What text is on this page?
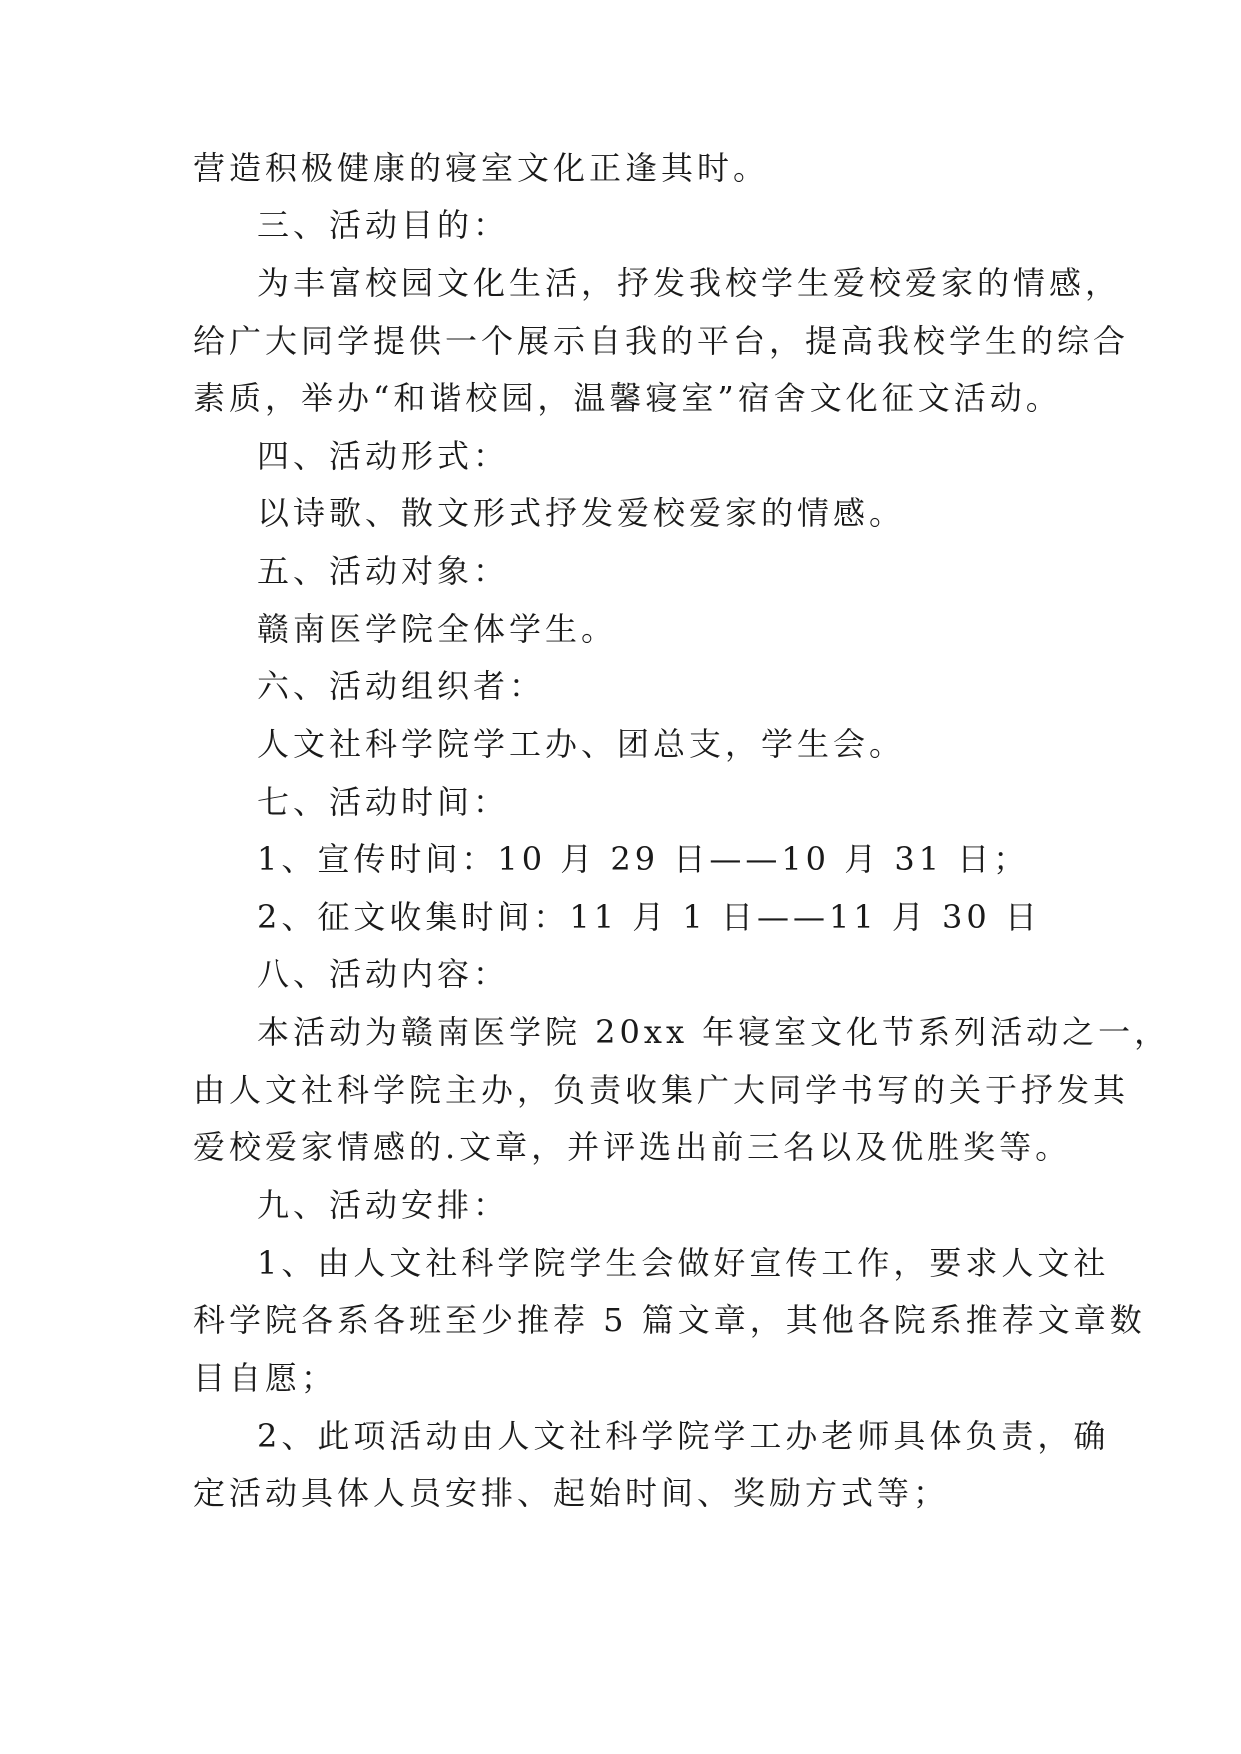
营造积极健康的寝室文化正逢其时。
三、活动目的：
为丰富校园文化生活，抒发我校学生爱校爱家的情感，
给广大同学提供一个展示自我的平台，提高我校学生的综合
素质，举办“和谐校园，温馨寝室”宿舍文化征文活动。
四、活动形式：
以诗歌、散文形式抒发爱校爱家的情感。
五、活动对象：
赣南医学院全体学生。
六、活动组织者：
人文社科学院学工办、团总支，学生会。
七、活动时间：
1、宣传时间：10 月 29 日——10 月 31 日；
2、征文收集时间：11 月 1 日——11 月 30 日
八、活动内容：
本活动为赣南医学院 20xx 年寝室文化节系列活动之一，
由人文社科学院主办，负责收集广大同学书写的关于抒发其
爱校爱家情感的.文章，并评选出前三名以及优胜奖等。
九、活动安排：
1、由人文社科学院学生会做好宣传工作，要求人文社
科学院各系各班至少推荐 5 篇文章，其他各院系推荐文章数
目自愿；
2、此项活动由人文社科学院学工办老师具体负责，确
定活动具体人员安排、起始时间、奖励方式等；
